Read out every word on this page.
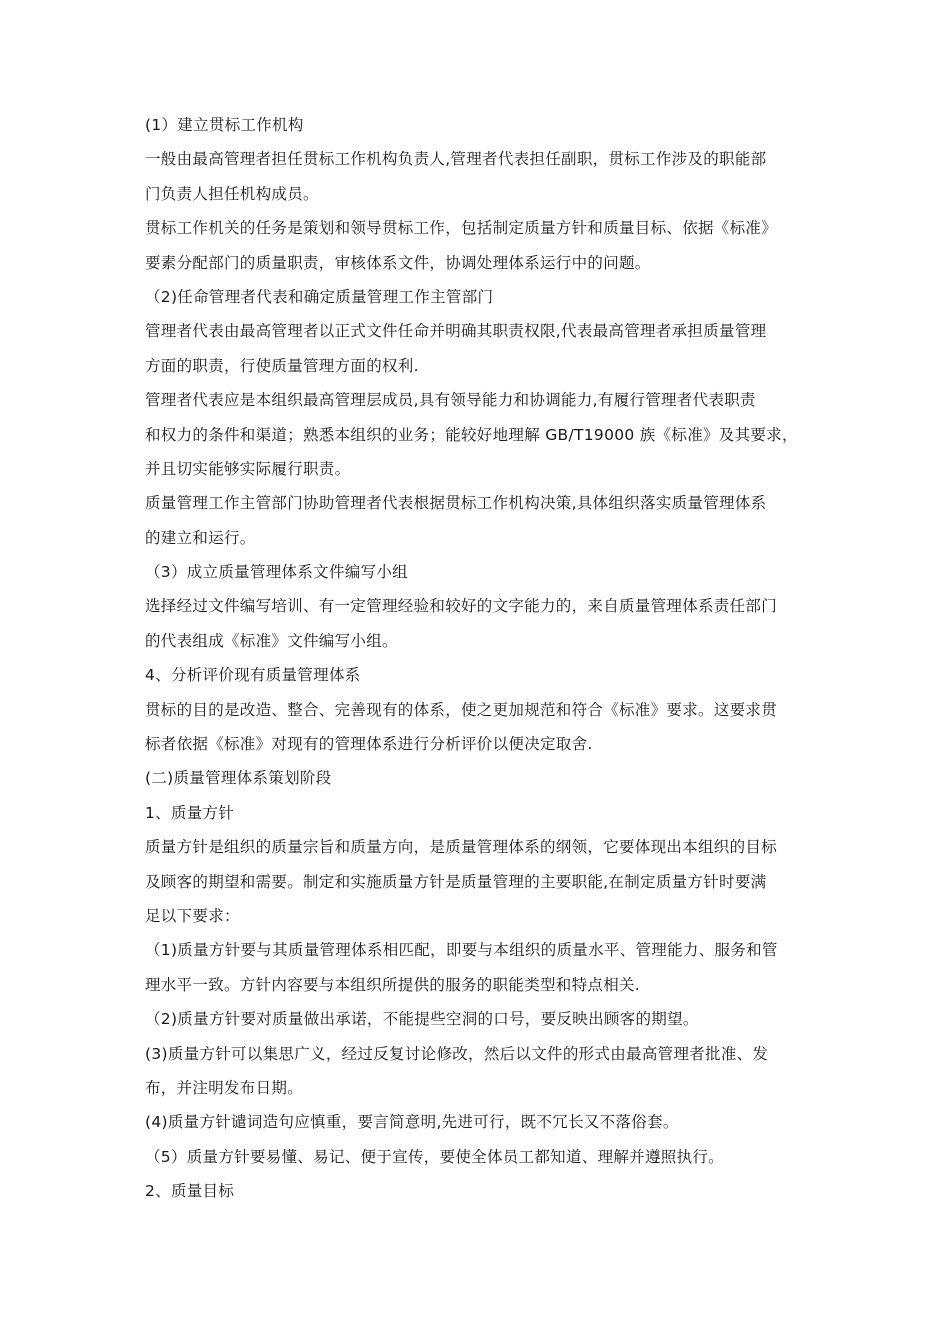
(1）建立贯标工作机构
一般由最高管理者担任贯标工作机构负责人,管理者代表担任副职，贯标工作涉及的职能部
门负责人担任机构成员。
贯标工作机关的任务是策划和领导贯标工作，包括制定质量方针和质量目标、依据《标准》
要素分配部门的质量职责，审核体系文件，协调处理体系运行中的问题。
（2)任命管理者代表和确定质量管理工作主管部门
管理者代表由最高管理者以正式文件任命并明确其职责权限,代表最高管理者承担质量管理
方面的职责，行使质量管理方面的权利.
管理者代表应是本组织最高管理层成员,具有领导能力和协调能力,有履行管理者代表职责
和权力的条件和渠道；熟悉本组织的业务；能较好地理解 GB/T19000 族《标准》及其要求，
并且切实能够实际履行职责。
质量管理工作主管部门协助管理者代表根据贯标工作机构决策,具体组织落实质量管理体系
的建立和运行。
（3）成立质量管理体系文件编写小组
选择经过文件编写培训、有一定管理经验和较好的文字能力的，来自质量管理体系责任部门
的代表组成《标准》文件编写小组。
4、分析评价现有质量管理体系
贯标的目的是改造、整合、完善现有的体系，使之更加规范和符合《标准》要求。这要求贯
标者依据《标准》对现有的管理体系进行分析评价以便决定取舍.
(二)质量管理体系策划阶段
1、质量方针
质量方针是组织的质量宗旨和质量方向，是质量管理体系的纲领，它要体现出本组织的目标
及顾客的期望和需要。制定和实施质量方针是质量管理的主要职能,在制定质量方针时要满
足以下要求：
（1)质量方针要与其质量管理体系相匹配，即要与本组织的质量水平、管理能力、服务和管
理水平一致。方针内容要与本组织所提供的服务的职能类型和特点相关.
（2)质量方针要对质量做出承诺，不能提些空洞的口号，要反映出顾客的期望。
(3)质量方针可以集思广义，经过反复讨论修改，然后以文件的形式由最高管理者批准、发
布，并注明发布日期。
(4)质量方针谴词造句应慎重，要言简意明,先进可行，既不冗长又不落俗套。
（5）质量方针要易懂、易记、便于宣传，要使全体员工都知道、理解并遵照执行。
2、质量目标
